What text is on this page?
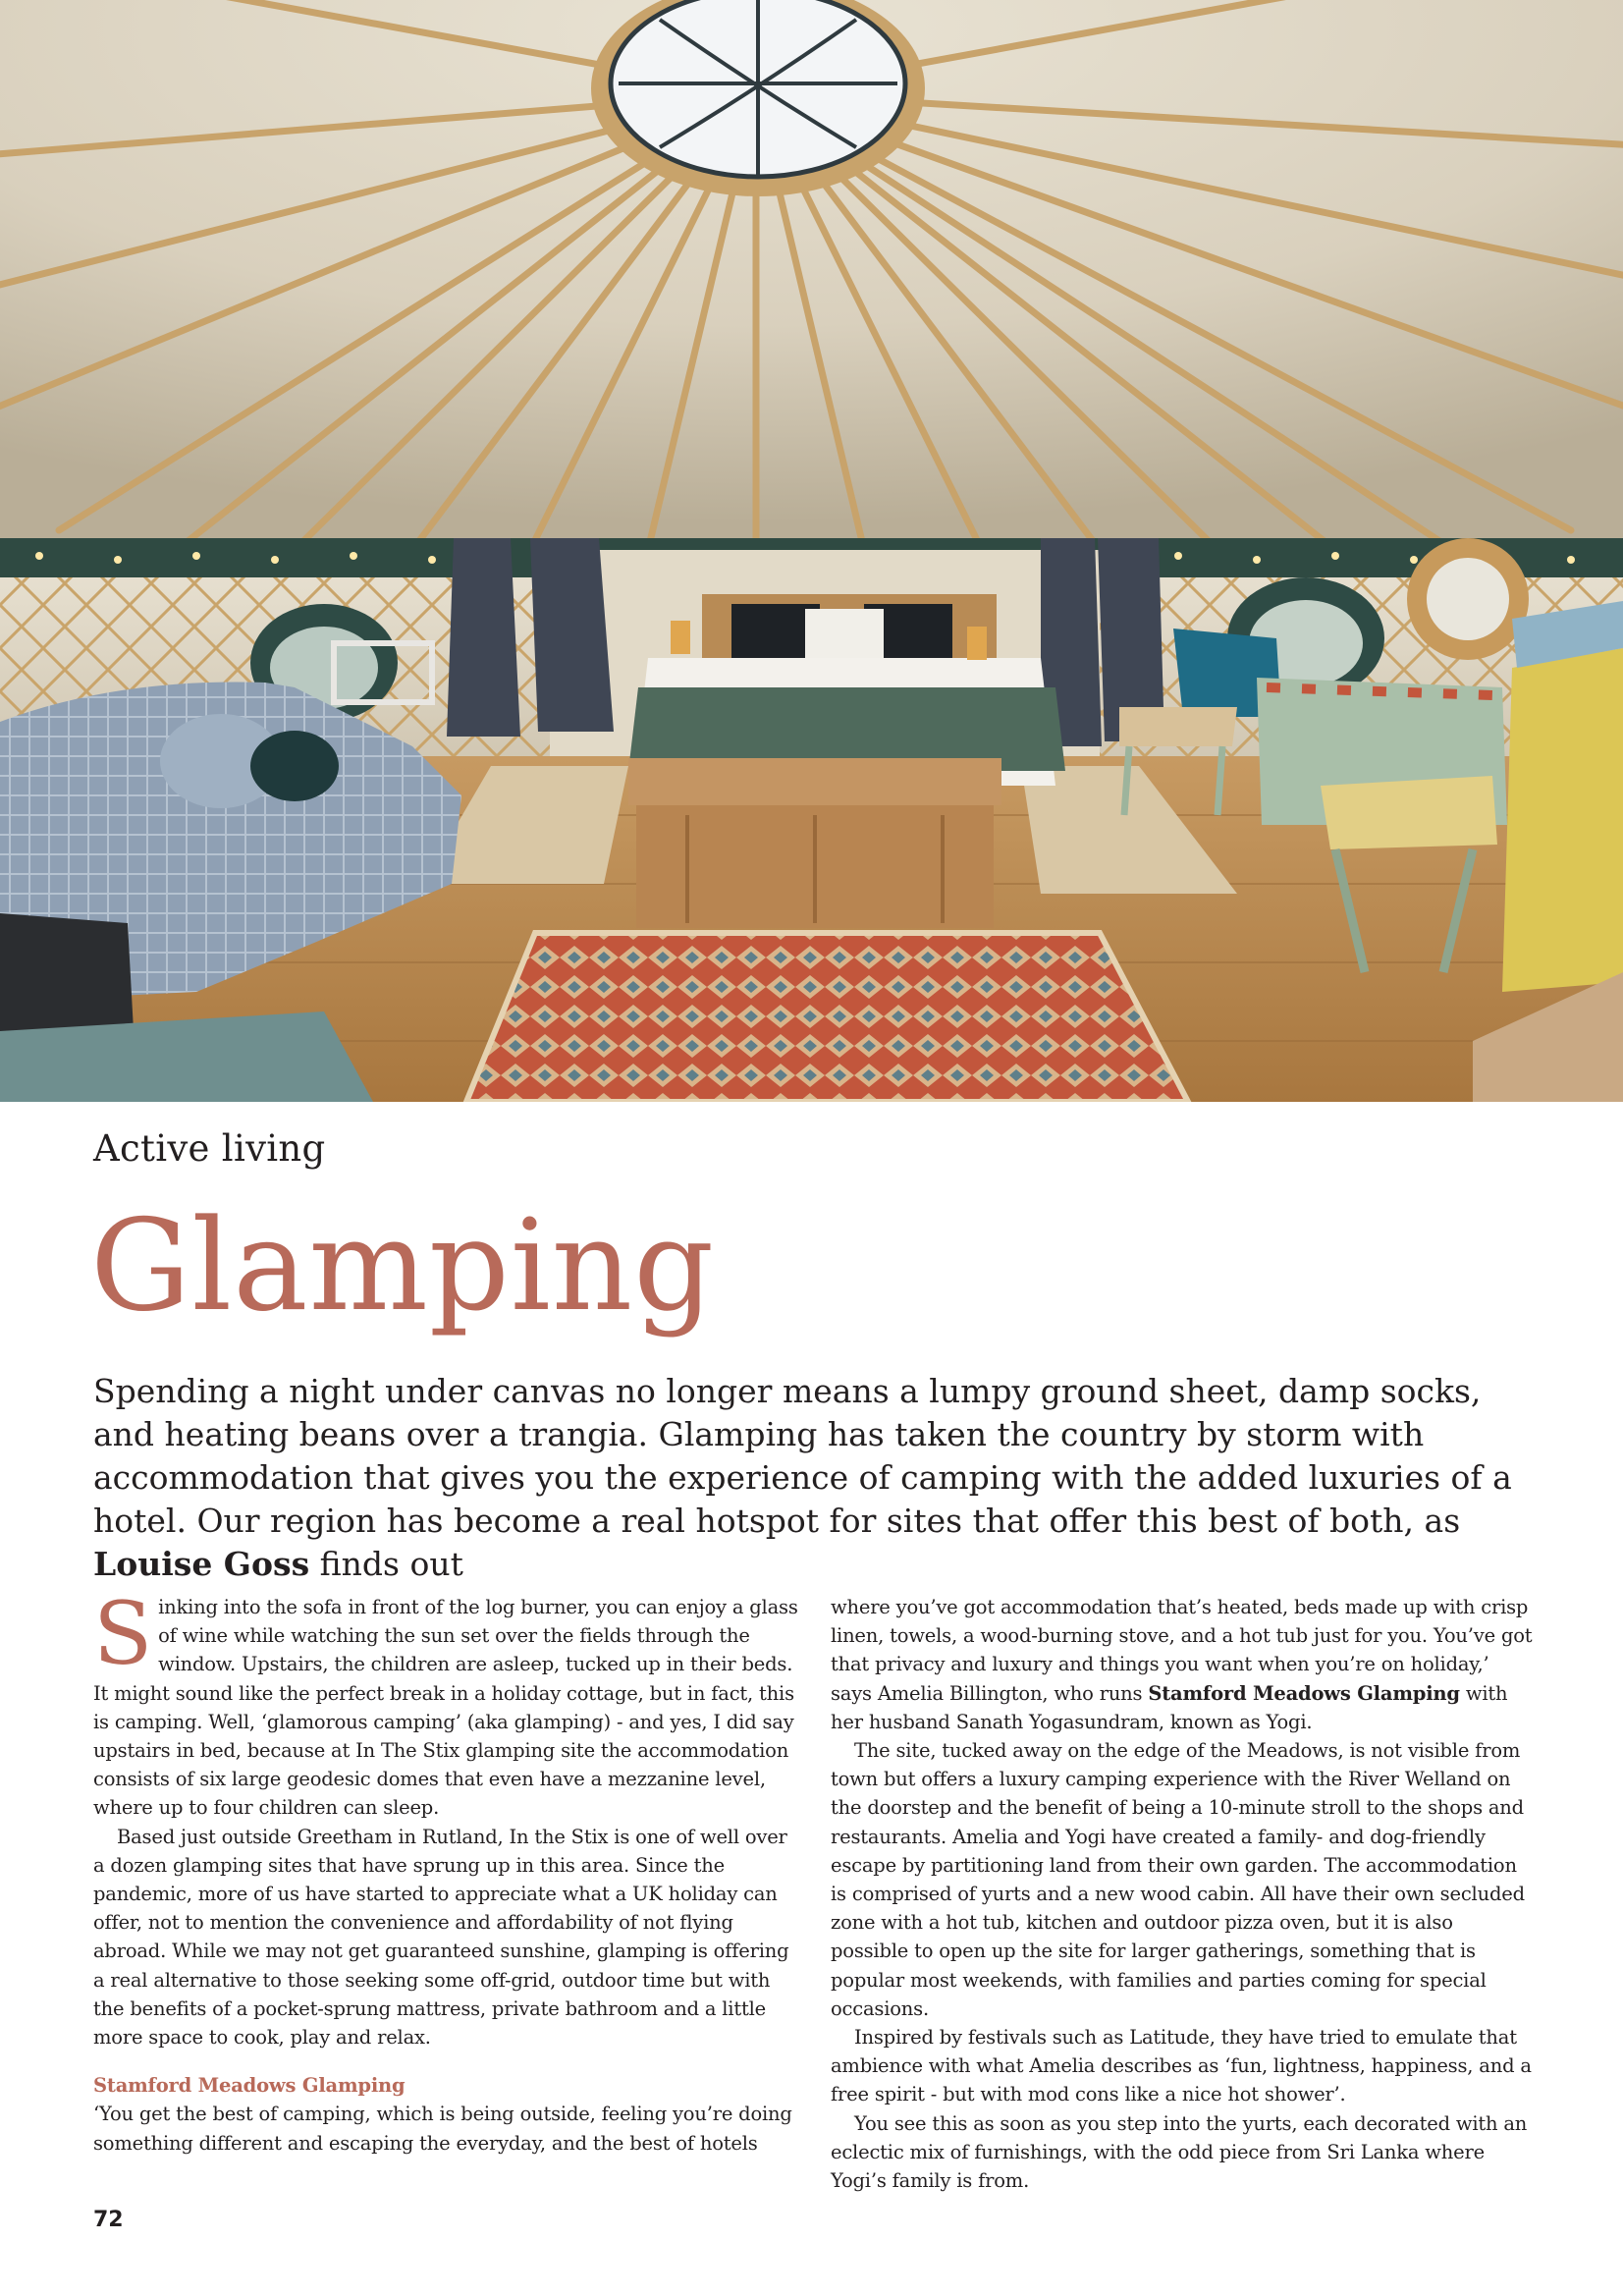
Active living
Glamping
Spending a night under canvas no longer means a lumpy ground sheet, damp socks, and heating beans over a trangia. Glamping has taken the country by storm with accommodation that gives you the experience of camping with the added luxuries of a hotel. Our region has become a real hotspot for sites that offer this best of both, as Louise Goss finds out

Sinking into the sofa in front of the log burner, you can enjoy a glass of wine while watching the sun set over the fields through the window. Upstairs, the children are asleep, tucked up in their beds. It might sound like the perfect break in a holiday cottage, but in fact, this is camping. Well, ‘glamorous camping’ (aka glamping) - and yes, I did say upstairs in bed, because at In The Stix glamping site the accommodation consists of six large geodesic domes that even have a mezzanine level, where up to four children can sleep.

Based just outside Greetham in Rutland, In the Stix is one of well over a dozen glamping sites that have sprung up in this area. Since the pandemic, more of us have started to appreciate what a UK holiday can offer, not to mention the convenience and affordability of not flying abroad. While we may not get guaranteed sunshine, glamping is offering a real alternative to those seeking some off-grid, outdoor time but with the benefits of a pocket-sprung mattress, private bathroom and a little more space to cook, play and relax.

Stamford Meadows Glamping

‘You get the best of camping, which is being outside, feeling you’re doing something different and escaping the everyday, and the best of hotels

where you’ve got accommodation that’s heated, beds made up with crisp linen, towels, a wood-burning stove, and a hot tub just for you. You’ve got that privacy and luxury and things you want when you’re on holiday,’ says Amelia Billington, who runs Stamford Meadows Glamping with her husband Sanath Yogasundram, known as Yogi.

The site, tucked away on the edge of the Meadows, is not visible from town but offers a luxury camping experience with the River Welland on the doorstep and the benefit of being a 10-minute stroll to the shops and restaurants. Amelia and Yogi have created a family- and dog-friendly escape by partitioning land from their own garden. The accommodation is comprised of yurts and a new wood cabin. All have their own secluded zone with a hot tub, kitchen and outdoor pizza oven, but it is also possible to open up the site for larger gatherings, something that is popular most weekends, with families and parties coming for special occasions.

Inspired by festivals such as Latitude, they have tried to emulate that ambience with what Amelia describes as ‘fun, lightness, happiness, and a free spirit - but with mod cons like a nice hot shower’.

You see this as soon as you step into the yurts, each decorated with an eclectic mix of furnishings, with the odd piece from Sri Lanka where Yogi’s family is from.

72
